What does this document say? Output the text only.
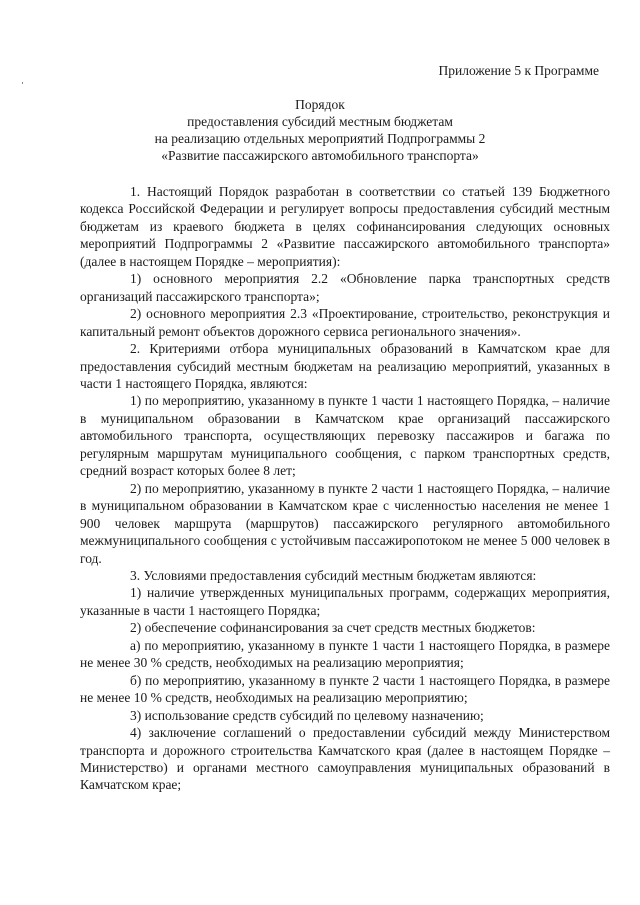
Приложение 5 к Программе
Порядок
предоставления субсидий местным бюджетам
на реализацию отдельных мероприятий Подпрограммы 2
«Развитие пассажирского автомобильного транспорта»

1. Настоящий Порядок разработан в соответствии со статьей 139 Бюджетного кодекса Российской Федерации и регулирует вопросы предоставления субсидий местным бюджетам из краевого бюджета в целях софинансирования следующих основных мероприятий Подпрограммы 2 «Развитие пассажирского автомобильного транспорта» (далее в настоящем Порядке – мероприятия):

1) основного мероприятия 2.2 «Обновление парка транспортных средств организаций пассажирского транспорта»;

2) основного мероприятия 2.3 «Проектирование, строительство, реконструкция и капитальный ремонт объектов дорожного сервиса регионального значения».

2. Критериями отбора муниципальных образований в Камчатском крае для предоставления субсидий местным бюджетам на реализацию мероприятий, указанных в части 1 настоящего Порядка, являются:

1) по мероприятию, указанному в пункте 1 части 1 настоящего Порядка, – наличие в муниципальном образовании в Камчатском крае организаций пассажирского автомобильного транспорта, осуществляющих перевозку пассажиров и багажа по регулярным маршрутам муниципального сообщения, с парком транспортных средств, средний возраст которых более 8 лет;

2) по мероприятию, указанному в пункте 2 части 1 настоящего Порядка, – наличие в муниципальном образовании в Камчатском крае с численностью населения не менее 1 900 человек маршрута (маршрутов) пассажирского регулярного автомобильного межмуниципального сообщения с устойчивым пассажиропотоком не менее 5 000 человек в год.

3. Условиями предоставления субсидий местным бюджетам являются:

1) наличие утвержденных муниципальных программ, содержащих мероприятия, указанные в части 1 настоящего Порядка;

2) обеспечение софинансирования за счет средств местных бюджетов:

а) по мероприятию, указанному в пункте 1 части 1 настоящего Порядка, в размере не менее 30 % средств, необходимых на реализацию мероприятия;

б) по мероприятию, указанному в пункте 2 части 1 настоящего Порядка, в размере не менее 10 % средств, необходимых на реализацию мероприятию;

3) использование средств субсидий по целевому назначению;

4) заключение соглашений о предоставлении субсидий между Министерством транспорта и дорожного строительства Камчатского края (далее в настоящем Порядке – Министерство) и органами местного самоуправления муниципальных образований в Камчатском крае;
